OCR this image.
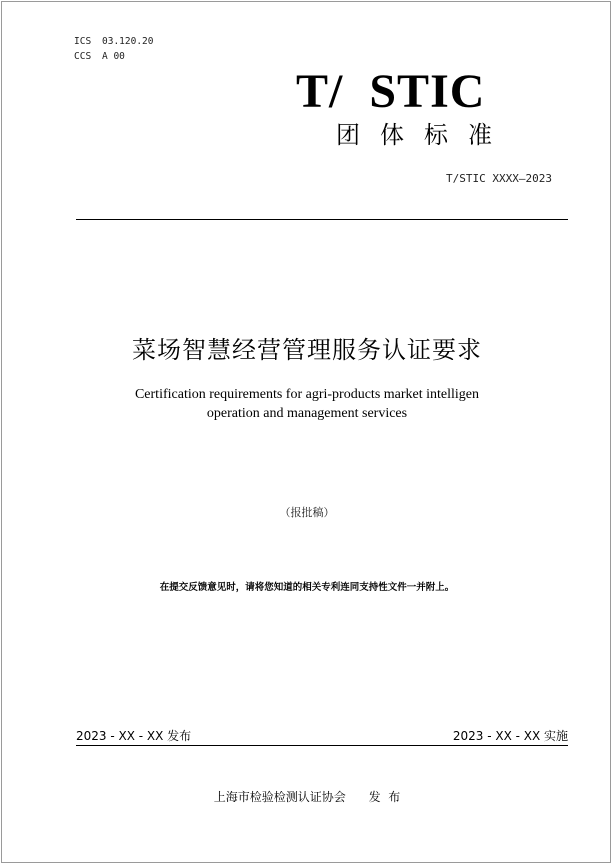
ICS 03.120.20
CCS A 00
T/  STIC
团体标准
T/STIC XXXX—2023
菜场智慧经营管理服务认证要求
Certification requirements for agri-products market intelligen
operation and management services
（报批稿）
在提交反馈意见时，请将您知道的相关专利连同支持性文件一并附上。
2023 - XX - XX 发布	2023 - XX - XX 实施
上海市检验检测认证协会 发  布
